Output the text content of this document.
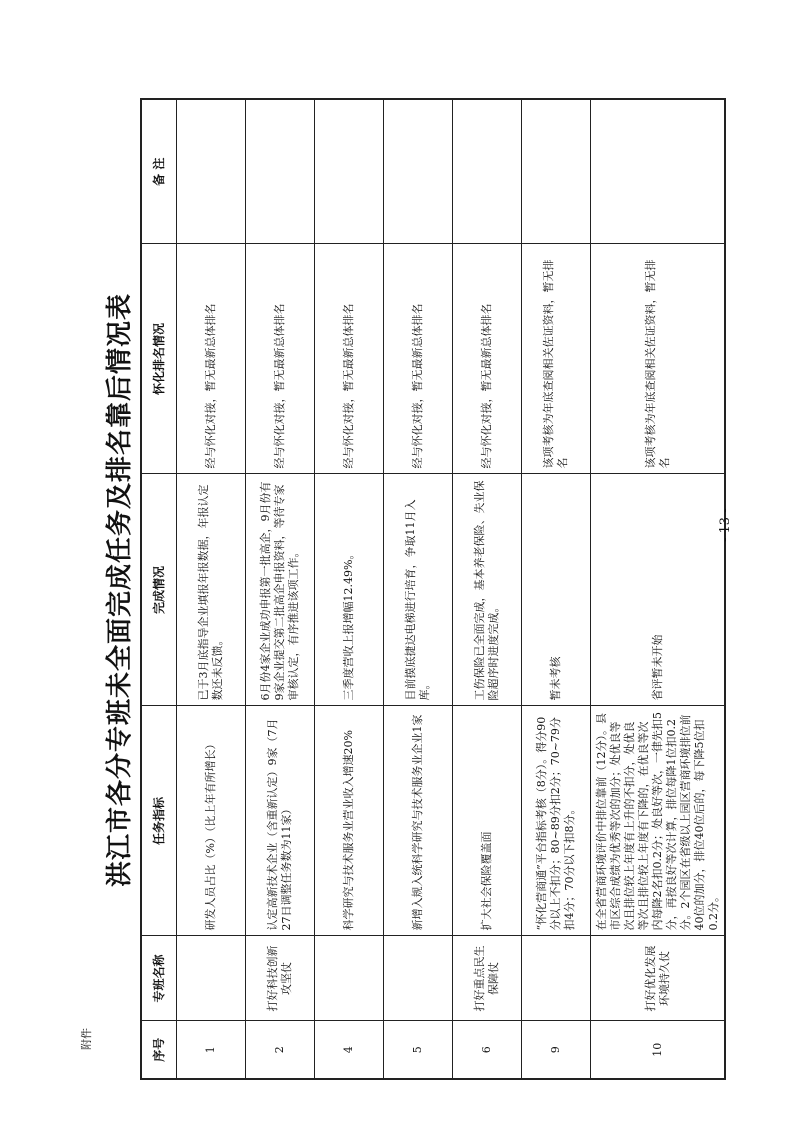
附件
洪江市各分专班未全面完成任务及排名靠后情况表
序号	专班名称	任务指标	完成情况	怀化排名情况	备 注
1		研发人员占比（%）（比上年有所增长）	已于3月底指导企业填报年报数据，年报认定数还未反馈。	经与怀化对接，暂无最新总体排名	
2	打好科技创新攻坚仗	认定高新技术企业（含重新认定）9家（7月27日调整任务数为11家）	6月份4家企业成功申报第一批高企，9月份有9家企业提交第二批高企申报资料，等待专家审核认定，有序推进该项工作。	经与怀化对接，暂无最新总体排名	
4		科学研究与技术服务业营业收入增速20%	三季度营收上报增幅12.49%。	经与怀化对接，暂无最新总体排名	
5		新增入规入统科学研究与技术服务业企业1家	目前摸底捷达电梯进行培育，争取11月入库。	经与怀化对接，暂无最新总体排名	
6	打好重点民生保障仗	扩大社会保险覆盖面	工伤保险已全面完成，基本养老保险、失业保险超序时进度完成。	经与怀化对接，暂无最新总体排名	
9		“怀化营商通”平台指标考核（8分）。得分90分以上不扣分；80~89分扣2分；70~79分扣4分；70分以下扣8分。	暂未考核	该项考核为年底查阅相关佐证资料，暂无排名	
10	打好优化发展环境持久仗	在全省营商环境评价中排位靠前（12分）。县市区综合成绩为优秀等次的加分；处优良等次且排位较上年度有上升的不扣分，处优良等次且排位较上年度有下降的，在优良等次内每降2名扣0.2分；处良好等次，一律先扣5分，再按良好等次计算，排位每降1位扣0.2分。2个园区在省级以上园区营商环境排位前40位的加分，排位40位后的，每下降5位扣0.2分。	省评暂未开始	该项考核为年底查阅相关佐证资料，暂无排名	
- 13 -
